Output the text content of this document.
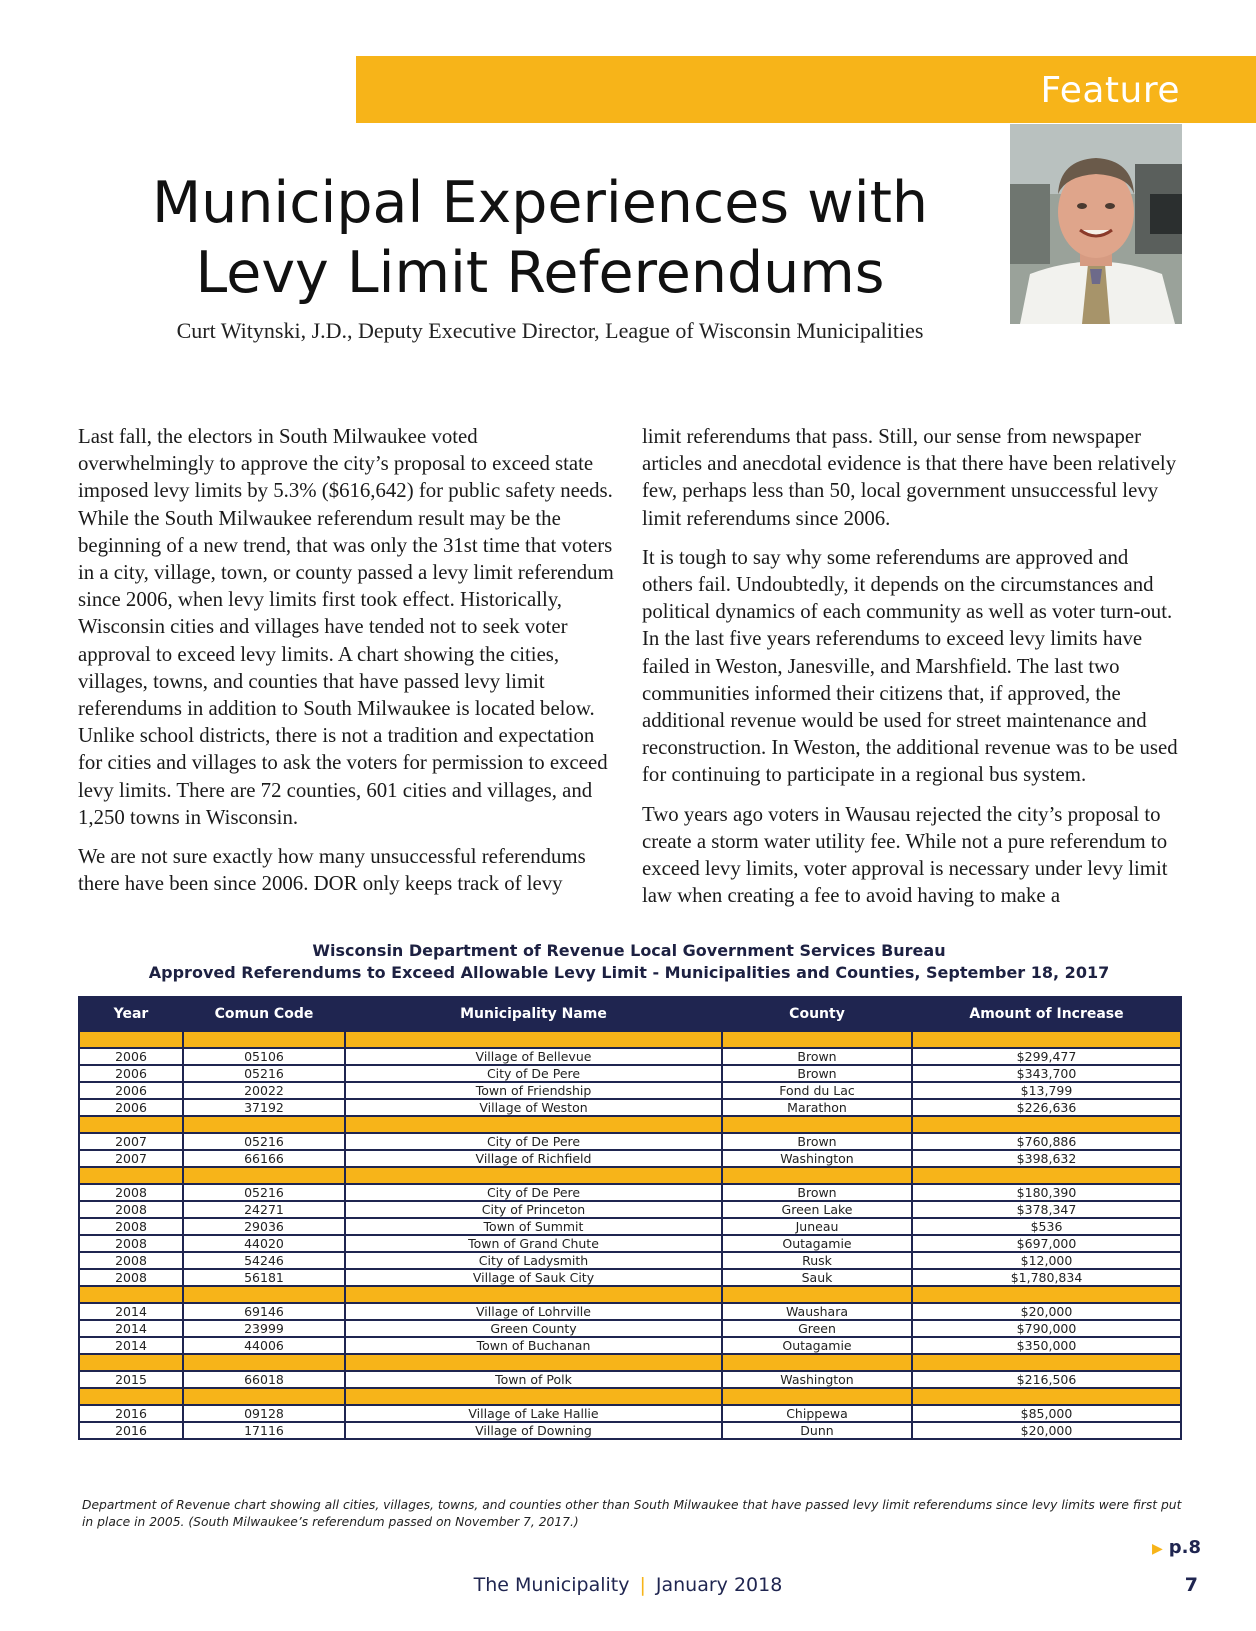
Feature
Municipal Experiences with
Levy Limit Referendums
Curt Witynski, J.D., Deputy Executive Director, League of Wisconsin Municipalities

Last fall, the electors in South Milwaukee voted overwhelmingly to approve the city’s proposal to exceed state imposed levy limits by 5.3% ($616,642) for public safety needs. While the South Milwaukee referendum result may be the beginning of a new trend, that was only the 31st time that voters in a city, village, town, or county passed a levy limit referendum since 2006, when levy limits first took effect. Historically, Wisconsin cities and villages have tended not to seek voter approval to exceed levy limits. A chart showing the cities, villages, towns, and counties that have passed levy limit referendums in addition to South Milwaukee is located below. Unlike school districts, there is not a tradition and expectation for cities and villages to ask the voters for permission to exceed levy limits. There are 72 counties, 601 cities and villages, and 1,250 towns in Wisconsin.

We are not sure exactly how many unsuccessful referendums there have been since 2006. DOR only keeps track of levy

limit referendums that pass. Still, our sense from newspaper articles and anecdotal evidence is that there have been relatively few, perhaps less than 50, local government unsuccessful levy limit referendums since 2006.

It is tough to say why some referendums are approved and others fail. Undoubtedly, it depends on the circumstances and political dynamics of each community as well as voter turn-out. In the last five years referendums to exceed levy limits have failed in Weston, Janesville, and Marshfield. The last two communities informed their citizens that, if approved, the additional revenue would be used for street maintenance and reconstruction. In Weston, the additional revenue was to be used for continuing to participate in a regional bus system.

Two years ago voters in Wausau rejected the city’s proposal to create a storm water utility fee. While not a pure referendum to exceed levy limits, voter approval is necessary under levy limit law when creating a fee to avoid having to make a

Wisconsin Department of Revenue Local Government Services Bureau
Approved Referendums to Exceed Allowable Levy Limit - Municipalities and Counties, September 18, 2017
Year	Comun Code	Municipality Name	County	Amount of Increase

2006	05106	Village of Bellevue	Brown	$299,477
2006	05216	City of De Pere	Brown	$343,700
2006	20022	Town of Friendship	Fond du Lac	$13,799
2006	37192	Village of Weston	Marathon	$226,636

2007	05216	City of De Pere	Brown	$760,886
2007	66166	Village of Richfield	Washington	$398,632

2008	05216	City of De Pere	Brown	$180,390
2008	24271	City of Princeton	Green Lake	$378,347
2008	29036	Town of Summit	Juneau	$536
2008	44020	Town of Grand Chute	Outagamie	$697,000
2008	54246	City of Ladysmith	Rusk	$12,000
2008	56181	Village of Sauk City	Sauk	$1,780,834

2014	69146	Village of Lohrville	Waushara	$20,000
2014	23999	Green County	Green	$790,000
2014	44006	Town of Buchanan	Outagamie	$350,000

2015	66018	Town of Polk	Washington	$216,506

2016	09128	Village of Lake Hallie	Chippewa	$85,000
2016	17116	Village of Downing	Dunn	$20,000
Department of Revenue chart showing all cities, villages, towns, and counties other than South Milwaukee that have passed levy limit referendums since levy limits were first put in place in 2005. (South Milwaukee’s referendum passed on November 7, 2017.)
▶ p.8
The Municipality | January 2018	7
